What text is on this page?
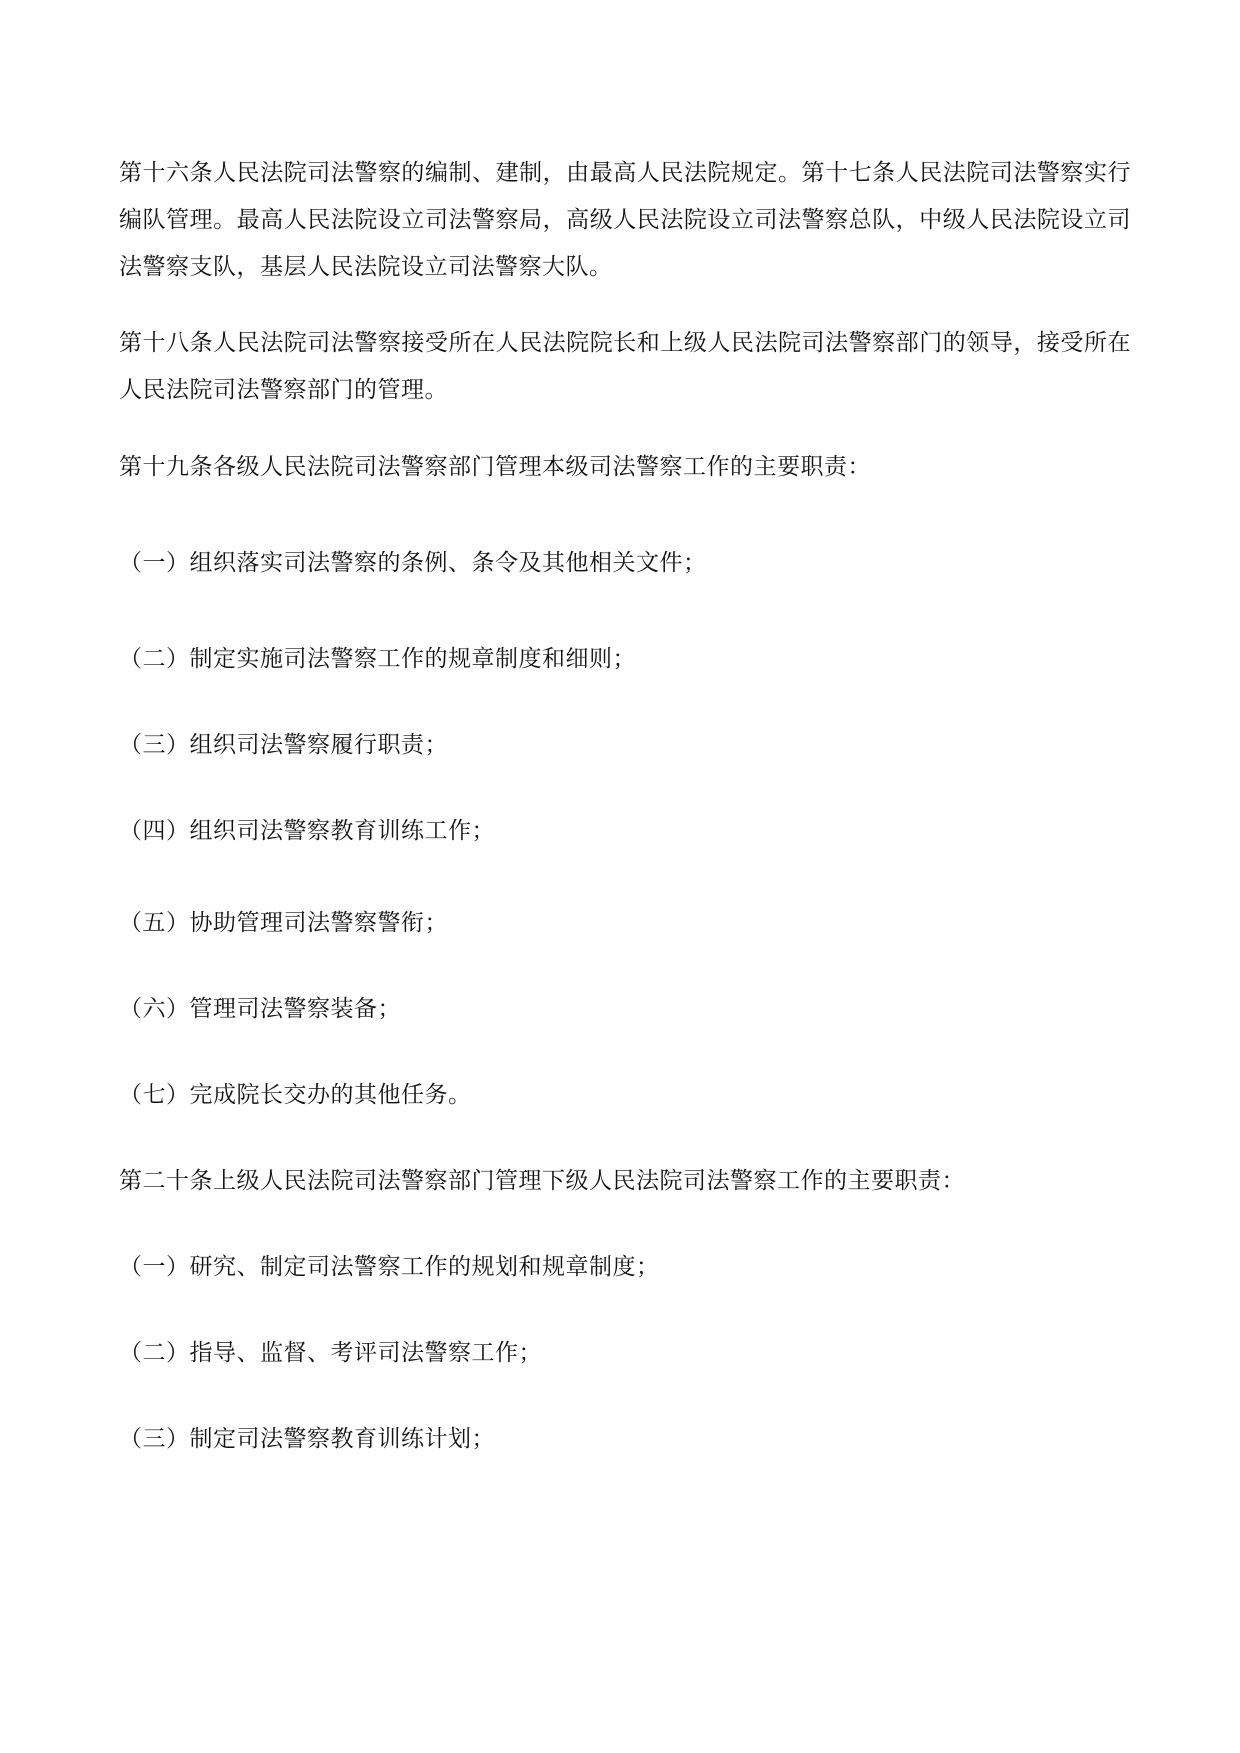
第十六条人民法院司法警察的编制、建制，由最高人民法院规定。第十七条人民法院司法警察实行编队管理。最高人民法院设立司法警察局，高级人民法院设立司法警察总队，中级人民法院设立司法警察支队，基层人民法院设立司法警察大队。

第十八条人民法院司法警察接受所在人民法院院长和上级人民法院司法警察部门的领导，接受所在人民法院司法警察部门的管理。

第十九条各级人民法院司法警察部门管理本级司法警察工作的主要职责：

（一）组织落实司法警察的条例、条令及其他相关文件；

（二）制定实施司法警察工作的规章制度和细则；

（三）组织司法警察履行职责；

（四）组织司法警察教育训练工作；

（五）协助管理司法警察警衔；

（六）管理司法警察装备；

（七）完成院长交办的其他任务。

第二十条上级人民法院司法警察部门管理下级人民法院司法警察工作的主要职责：

（一）研究、制定司法警察工作的规划和规章制度；

（二）指导、监督、考评司法警察工作；

（三）制定司法警察教育训练计划；
